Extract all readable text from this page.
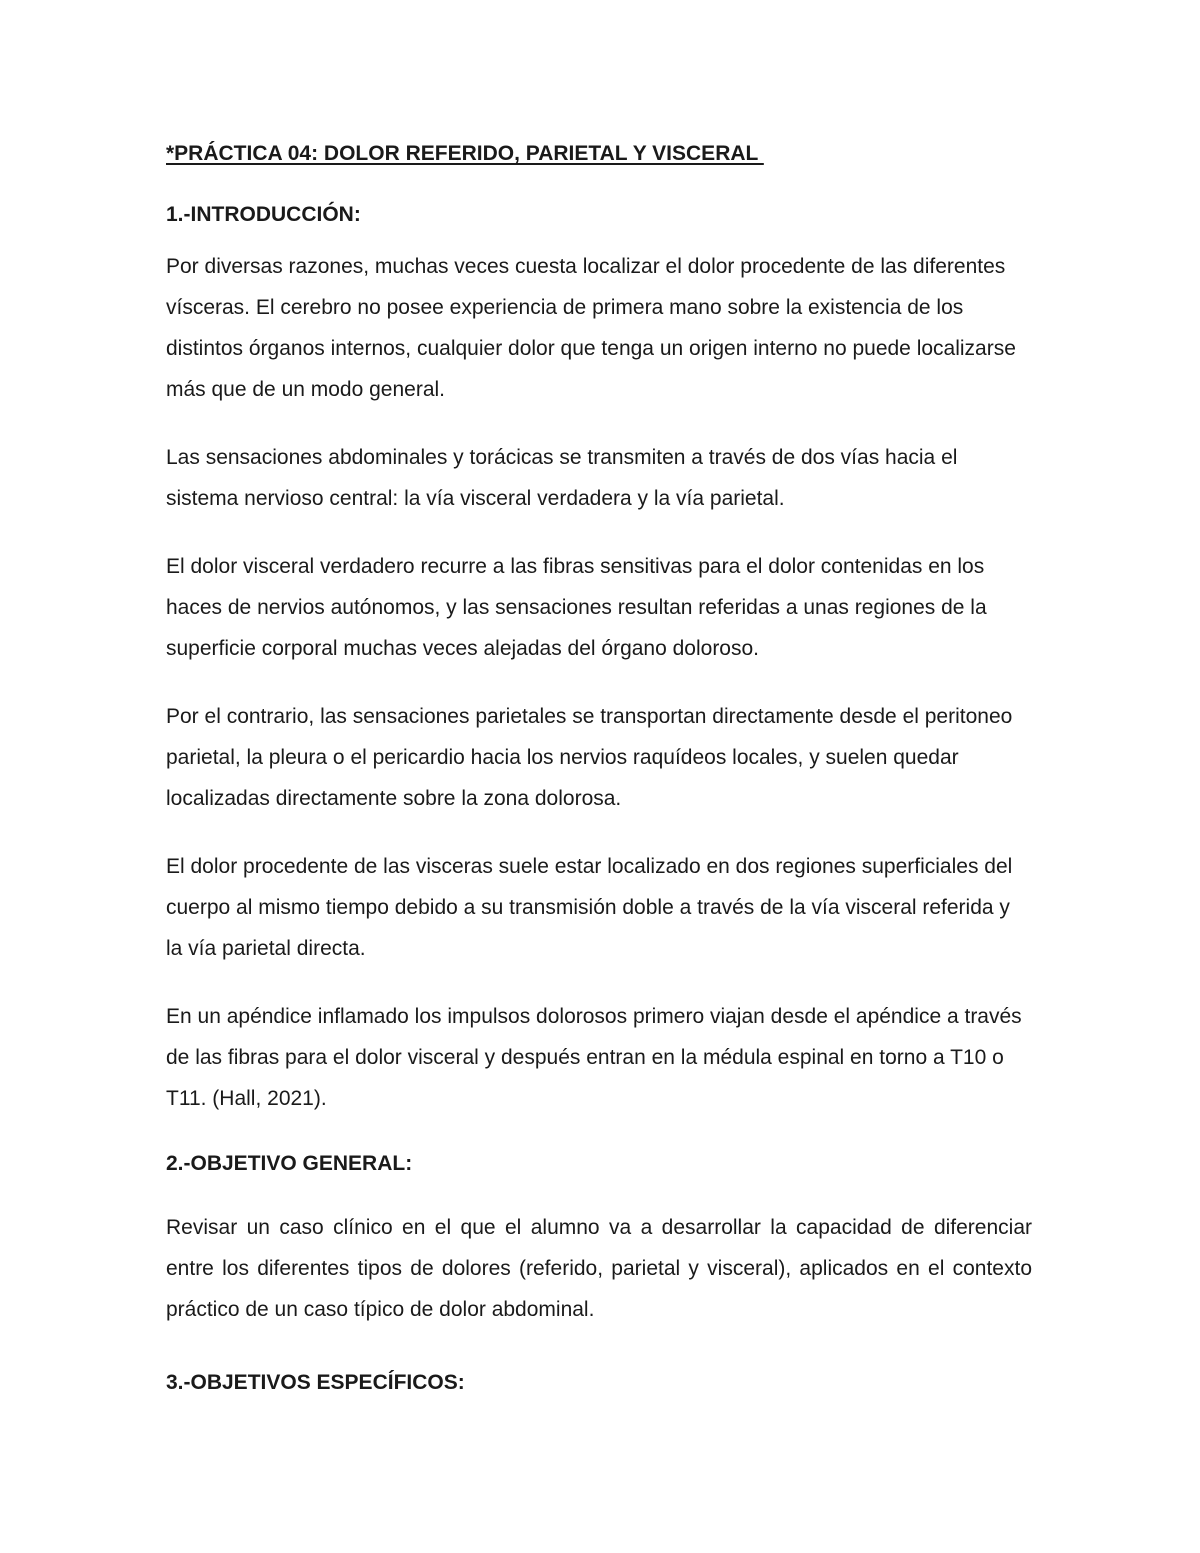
*PRÁCTICA 04: DOLOR REFERIDO, PARIETAL Y VISCERAL

1.-INTRODUCCIÓN:

Por diversas razones, muchas veces cuesta localizar el dolor procedente de las diferentes vísceras. El cerebro no posee experiencia de primera mano sobre la existencia de los distintos órganos internos, cualquier dolor que tenga un origen interno no puede localizarse más que de un modo general.

Las sensaciones abdominales y torácicas se transmiten a través de dos vías hacia el sistema nervioso central: la vía visceral verdadera y la vía parietal.

El dolor visceral verdadero recurre a las fibras sensitivas para el dolor contenidas en los haces de nervios autónomos, y las sensaciones resultan referidas a unas regiones de la superficie corporal muchas veces alejadas del órgano doloroso.

Por el contrario, las sensaciones parietales se transportan directamente desde el peritoneo parietal, la pleura o el pericardio hacia los nervios raquídeos locales, y suelen quedar localizadas directamente sobre la zona dolorosa.

El dolor procedente de las visceras suele estar localizado en dos regiones superficiales del cuerpo al mismo tiempo debido a su transmisión doble a través de la vía visceral referida y la vía parietal directa.

En un apéndice inflamado los impulsos dolorosos primero viajan desde el apéndice a través de las fibras para el dolor visceral y después entran en la médula espinal en torno a T10 o T11. (Hall, 2021).

2.-OBJETIVO GENERAL:

Revisar un caso clínico en el que el alumno va a desarrollar la capacidad de diferenciar entre los diferentes tipos de dolores (referido, parietal y visceral), aplicados en el contexto práctico de un caso típico de dolor abdominal.

3.-OBJETIVOS ESPECÍFICOS:
